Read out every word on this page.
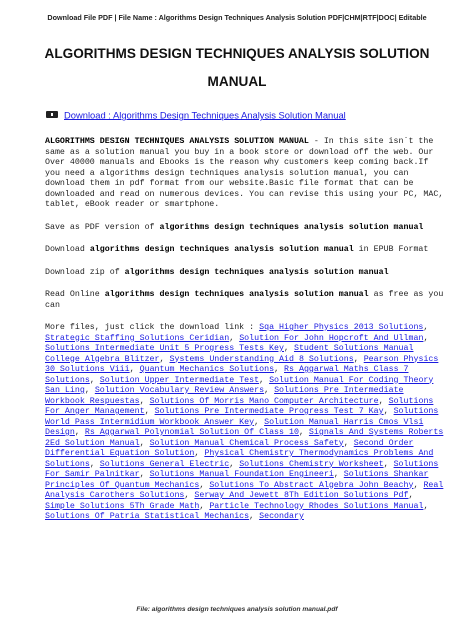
Download File PDF | File Name : Algorithms Design Techniques Analysis Solution PDF|CHM|RTF|DOC| Editable
ALGORITHMS DESIGN TECHNIQUES ANALYSIS SOLUTION MANUAL
Download : Algorithms Design Techniques Analysis Solution Manual

ALGORITHMS DESIGN TECHNIQUES ANALYSIS SOLUTION MANUAL - In this site isn`t the same as a solution manual you buy in a book store or download off the web. Our Over 40000 manuals and Ebooks is the reason why customers keep coming back.If you need a algorithms design techniques analysis solution manual, you can download them in pdf format from our website.Basic file format that can be downloaded and read on numerous devices. You can revise this using your PC, MAC, tablet, eBook reader or smartphone.

Save as PDF version of algorithms design techniques analysis solution manual

Download algorithms design techniques analysis solution manual in EPUB Format

Download zip of algorithms design techniques analysis solution manual

Read Online algorithms design techniques analysis solution manual as free as you can

More files, just click the download link : Sqa Higher Physics 2013 Solutions, Strategic Staffing Solutions Ceridian, Solution For John Hopcroft And Ullman, Solutions Intermediate Unit 5 Progress Tests Key, Student Solutions Manual College Algebra Blitzer, Systems Understanding Aid 8 Solutions, Pearson Physics 30 Solutions Viii, Quantum Mechanics Solutions, Rs Aggarwal Maths Class 7 Solutions, Solution Upper Intermediate Test, Solution Manual For Coding Theory San Ling, Solution Vocabulary Review Answers, Solutions Pre Intermediate Workbook Respuestas, Solutions Of Morris Mano Computer Architecture, Solutions For Anger Management, Solutions Pre Intermediate Progress Test 7 Kay, Solutions World Pass Intermidium Workbook Answer Key, Solution Manual Harris Cmos Vlsi Design, Rs Aggarwal Polynomial Solution Of Class 10, Signals And Systems Roberts 2Ed Solution Manual, Solution Manual Chemical Process Safety, Second Order Differential Equation Solution, Physical Chemistry Thermodynamics Problems And Solutions, Solutions General Electric, Solutions Chemistry Worksheet, Solutions For Samir Palnitkar, Solutions Manual Foundation Engineeri, Solutions Shankar Principles Of Quantum Mechanics, Solutions To Abstract Algebra John Beachy, Real Analysis Carothers Solutions, Serway And Jewett 8Th Edition Solutions Pdf, Simple Solutions 5Th Grade Math, Particle Technology Rhodes Solutions Manual, Solutions Of Patria Statistical Mechanics, Secondary

File: algorithms design techniques analysis solution manual.pdf
